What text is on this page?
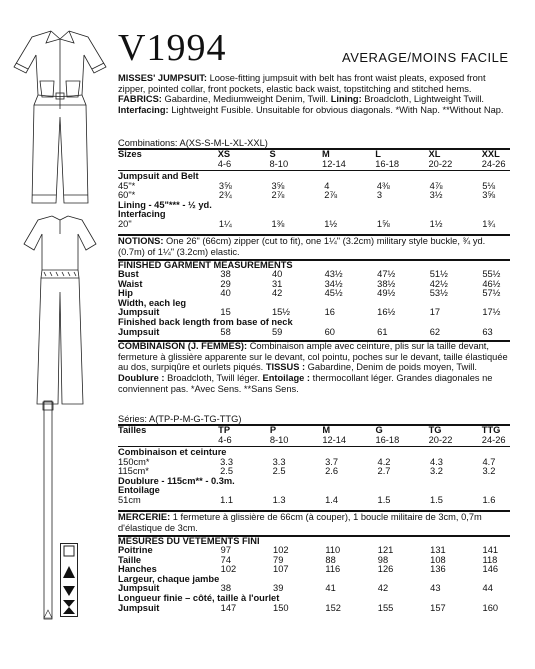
V1994	AVERAGE/MOINS FACILE
MISSES' JUMPSUIT: Loose-fitting jumpsuit with belt has front waist pleats, exposed front zipper, pointed collar, front pockets, elastic back waist, topstitching and stitched hems. FABRICS: Gabardine, Mediumweight Denim, Twill. Lining: Broadcloth, Lightweight Twill. Interfacing: Lightweight Fusible. Unsuitable for obvious diagonals. *With Nap. **Without Nap.
Combinations: A(XS-S-M-L-XL-XXL)
Sizes	XS	S	M	L	XL	XXL
	4-6	8-10	12-14	16-18	20-22	24-26
Jumpsuit and Belt						
45"*	3⅝	3⅝	4	4⅜	4⅞	5⅛
60"*	2¾	2⅞	2⅞	3	3½	3⅝
Lining - 45"*** - ½ yd.						
Interfacing						
20"	1¼	1⅜	1½	1⅝	1½	1¾
NOTIONS: One 26" (66cm) zipper (cut to fit), one 1¼" (3.2cm) military style buckle, ¾ yd. (0.7m) of 1¼" (3.2cm) elastic.
FINISHED GARMENT MEASUREMENTS
Bust	38	40	43½	47½	51½	55½
Waist	29	31	34½	38½	42½	46½
Hip	40	42	45½	49½	53½	57½
Width, each leg						
Jumpsuit	15	15½	16	16½	17	17½
Finished back length from base of neck						
Jumpsuit	58	59	60	61	62	63
COMBINAISON (J. FEMMES): Combinaison ample avec ceinture, plis sur la taille devant, fermeture à glissière apparente sur le devant, col pointu, poches sur le devant, taille élastiquée au dos, surpiqûre et ourlets piqués. TISSUS : Gabardine, Denim de poids moyen, Twill. Doublure : Broadcloth, Twill léger. Entoilage : thermocollant léger. Grandes diagonales ne conviennent pas. *Avec Sens. **Sans Sens.
Séries: A(TP-P-M-G-TG-TTG)
Tailles	TP	P	M	G	TG	TTG
	4-6	8-10	12-14	16-18	20-22	24-26
Combinaison et ceinture						
150cm*	3.3	3.3	3.7	4.2	4.3	4.7
115cm*	2.5	2.5	2.6	2.7	3.2	3.2
Doublure - 115cm** - 0.3m.						
Entoilage						
51cm	1.1	1.3	1.4	1.5	1.5	1.6
MERCERIE: 1 fermeture à glissière de 66cm (à couper), 1 boucle militaire de 3cm, 0,7m d'élastique de 3cm.
MESURES DU VÊTEMENTS FINI
Poitrine	97	102	110	121	131	141
Taille	74	79	88	98	108	118
Hanches	102	107	116	126	136	146
Largeur, chaque jambe						
Jumpsuit	38	39	41	42	43	44
Longueur finie – côté, taille à l'ourlet						
Jumpsuit	147	150	152	155	157	160
